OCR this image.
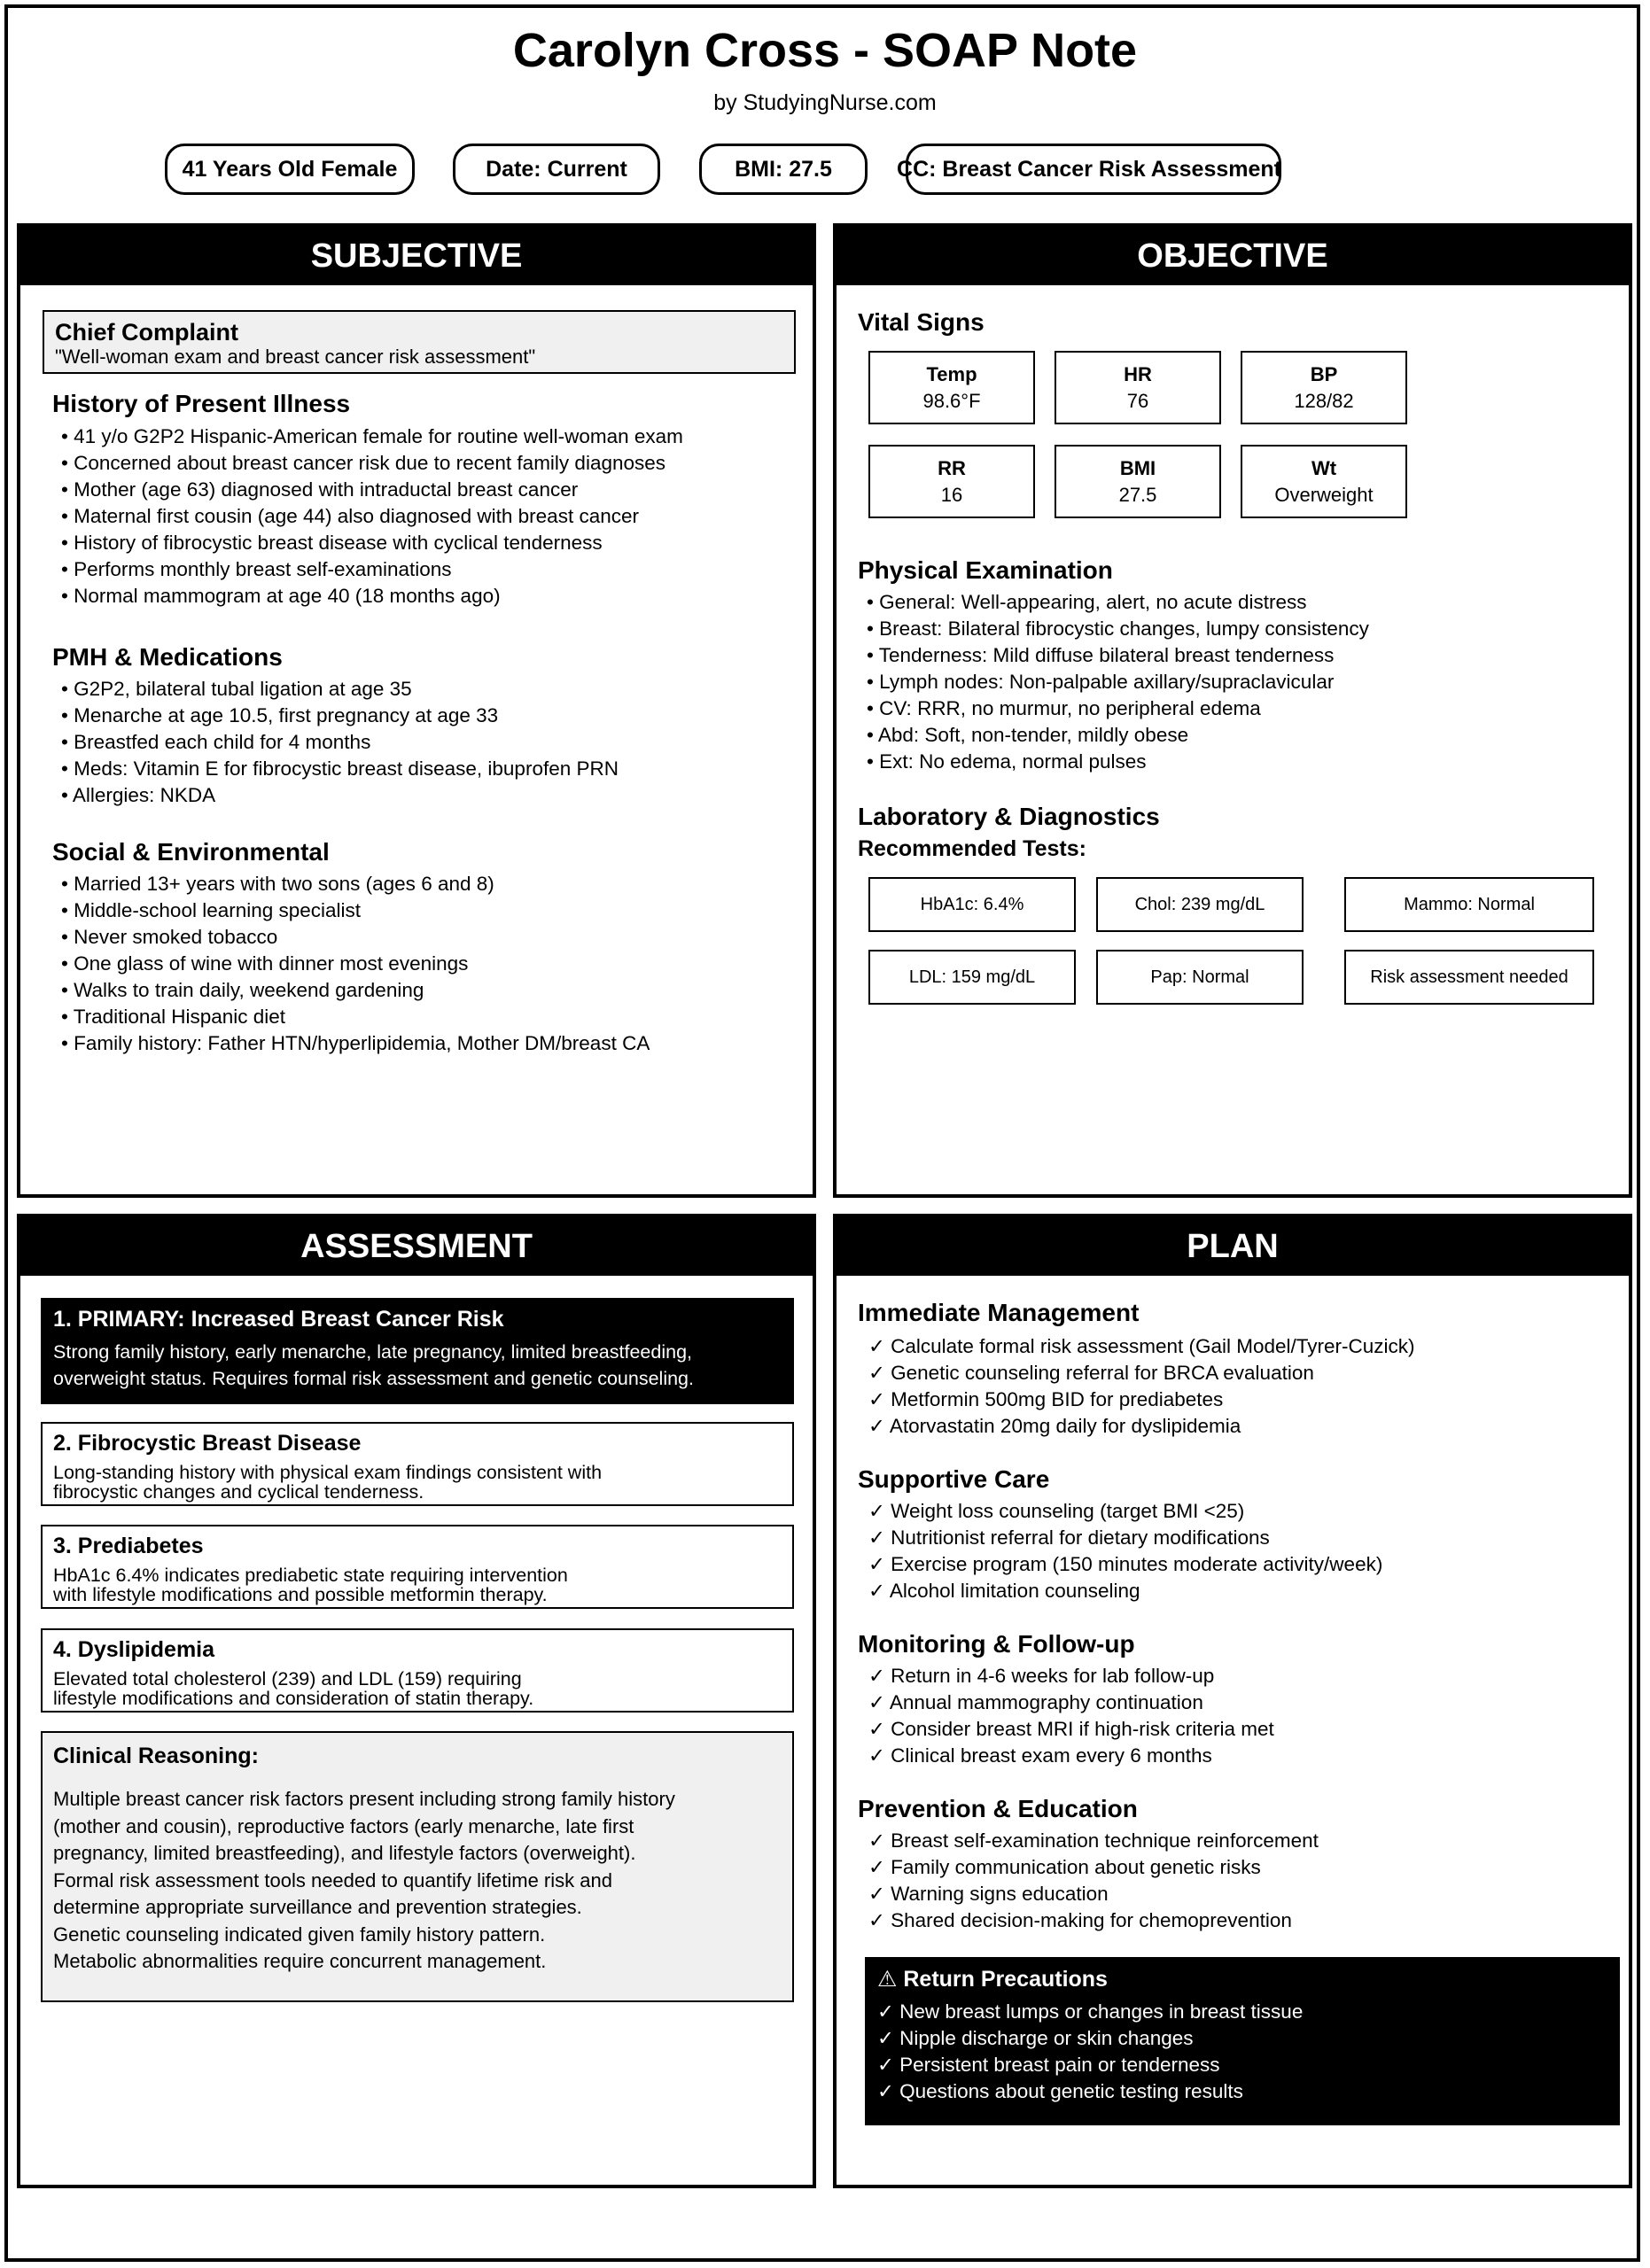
Carolyn Cross - SOAP Note
by StudyingNurse.com
41 Years Old Female	Date: Current	BMI: 27.5	CC: Breast Cancer Risk Assessment
SUBJECTIVE
Chief Complaint
"Well-woman exam and breast cancer risk assessment"
History of Present Illness
• 41 y/o G2P2 Hispanic-American female for routine well-woman exam
• Concerned about breast cancer risk due to recent family diagnoses
• Mother (age 63) diagnosed with intraductal breast cancer
• Maternal first cousin (age 44) also diagnosed with breast cancer
• History of fibrocystic breast disease with cyclical tenderness
• Performs monthly breast self-examinations
• Normal mammogram at age 40 (18 months ago)
PMH & Medications
• G2P2, bilateral tubal ligation at age 35
• Menarche at age 10.5, first pregnancy at age 33
• Breastfed each child for 4 months
• Meds: Vitamin E for fibrocystic breast disease, ibuprofen PRN
• Allergies: NKDA
Social & Environmental
• Married 13+ years with two sons (ages 6 and 8)
• Middle-school learning specialist
• Never smoked tobacco
• One glass of wine with dinner most evenings
• Walks to train daily, weekend gardening
• Traditional Hispanic diet
• Family history: Father HTN/hyperlipidemia, Mother DM/breast CA
OBJECTIVE
Vital Signs
Temp
98.6°F
HR
76
BP
128/82
RR
16
BMI
27.5
Wt
Overweight
Physical Examination
• General: Well-appearing, alert, no acute distress
• Breast: Bilateral fibrocystic changes, lumpy consistency
• Tenderness: Mild diffuse bilateral breast tenderness
• Lymph nodes: Non-palpable axillary/supraclavicular
• CV: RRR, no murmur, no peripheral edema
• Abd: Soft, non-tender, mildly obese
• Ext: No edema, normal pulses
Laboratory & Diagnostics
Recommended Tests:
HbA1c: 6.4%	Chol: 239 mg/dL	Mammo: Normal
LDL: 159 mg/dL	Pap: Normal	Risk assessment needed
ASSESSMENT
1. PRIMARY: Increased Breast Cancer Risk
Strong family history, early menarche, late pregnancy, limited breastfeeding,
overweight status. Requires formal risk assessment and genetic counseling.
2. Fibrocystic Breast Disease
Long-standing history with physical exam findings consistent with
fibrocystic changes and cyclical tenderness.
3. Prediabetes
HbA1c 6.4% indicates prediabetic state requiring intervention
with lifestyle modifications and possible metformin therapy.
4. Dyslipidemia
Elevated total cholesterol (239) and LDL (159) requiring
lifestyle modifications and consideration of statin therapy.
Clinical Reasoning:
Multiple breast cancer risk factors present including strong family history
(mother and cousin), reproductive factors (early menarche, late first
pregnancy, limited breastfeeding), and lifestyle factors (overweight).
Formal risk assessment tools needed to quantify lifetime risk and
determine appropriate surveillance and prevention strategies.
Genetic counseling indicated given family history pattern.
Metabolic abnormalities require concurrent management.
PLAN
Immediate Management
✓ Calculate formal risk assessment (Gail Model/Tyrer-Cuzick)
✓ Genetic counseling referral for BRCA evaluation
✓ Metformin 500mg BID for prediabetes
✓ Atorvastatin 20mg daily for dyslipidemia
Supportive Care
✓ Weight loss counseling (target BMI <25)
✓ Nutritionist referral for dietary modifications
✓ Exercise program (150 minutes moderate activity/week)
✓ Alcohol limitation counseling
Monitoring & Follow-up
✓ Return in 4-6 weeks for lab follow-up
✓ Annual mammography continuation
✓ Consider breast MRI if high-risk criteria met
✓ Clinical breast exam every 6 months
Prevention & Education
✓ Breast self-examination technique reinforcement
✓ Family communication about genetic risks
✓ Warning signs education
✓ Shared decision-making for chemoprevention
⚠ Return Precautions
✓ New breast lumps or changes in breast tissue
✓ Nipple discharge or skin changes
✓ Persistent breast pain or tenderness
✓ Questions about genetic testing results
